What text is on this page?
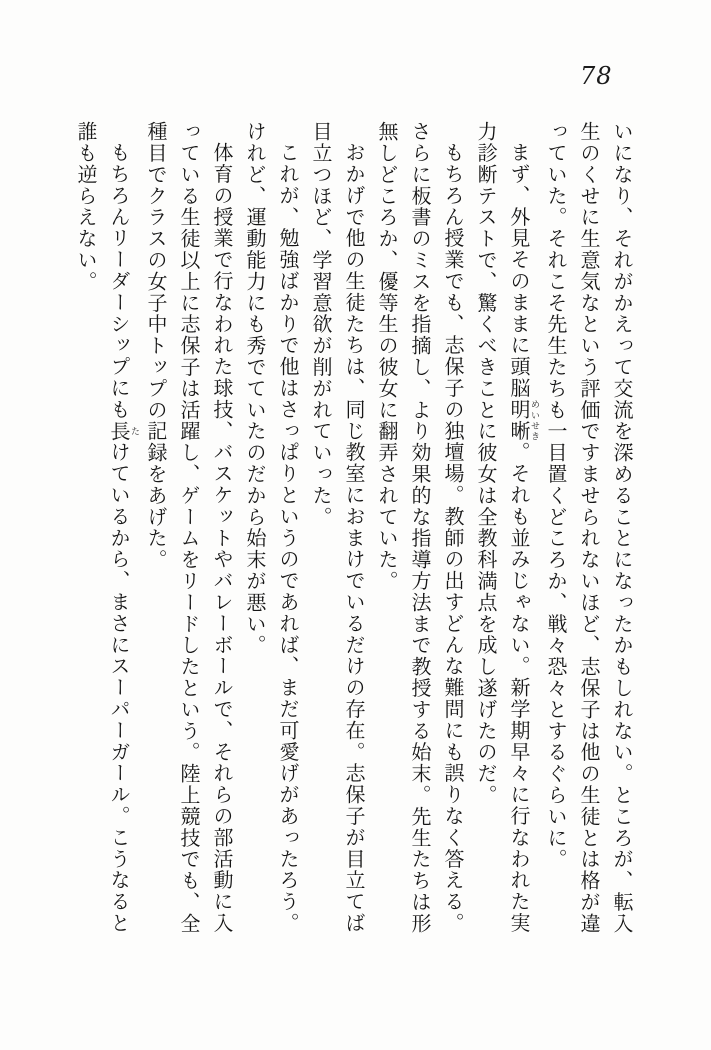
78

いになり、それがかえって交流を深めることになったかもしれない。ところが、転入生のくせに生意気なという評価ですませられないほど、志保子は他の生徒とは格が違っていた。それこそ先生たちも一目置くどころか、戦々恐々とするぐらいに。

まず、外見そのままに頭脳明晰めいせき。それも並みじゃない。新学期早々に行なわれた実力診断テストで、驚くべきことに彼女は全教科満点を成し遂げたのだ。

もちろん授業でも、志保子の独壇場。教師の出すどんな難問にも誤りなく答える。さらに板書のミスを指摘し、より効果的な指導方法まで教授する始末。先生たちは形無しどころか、優等生の彼女に翻弄されていた。

おかげで他の生徒たちは、同じ教室におまけでいるだけの存在。志保子が目立てば目立つほど、学習意欲が削がれていった。

これが、勉強ばかりで他はさっぱりというのであれば、まだ可愛げがあったろう。けれど、運動能力にも秀でていたのだから始末が悪い。

体育の授業で行なわれた球技、バスケットやバレーボールで、それらの部活動に入っている生徒以上に志保子は活躍し、ゲームをリードしたという。陸上競技でも、全種目でクラスの女子中トップの記録をあげた。

もちろんリーダーシップにも長たけているから、まさにスーパーガール。こうなると誰も逆らえない。
